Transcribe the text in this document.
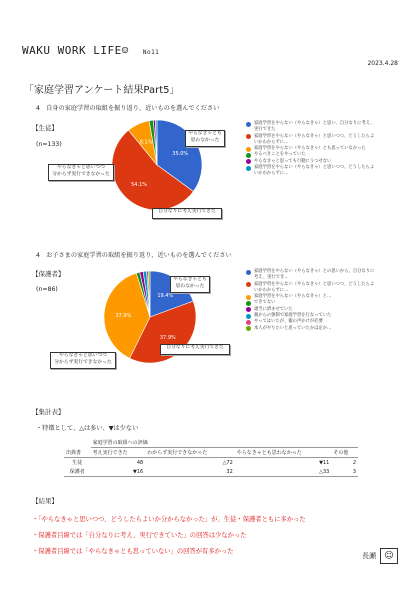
WAKU WORK LIFE☺ No11
2023.4.28
「家庭学習アンケート結果Part5」
4　自身の家庭学習の取組を振り返り、近いものを選んでください
【生徒】
(n=133)
35.0%
54.1%
8.1%
やらなきゃとも
思わなかった
やらなきゃと思いつつ
分からず実行できなかった
自分なりに考え実行できた
家庭学習をやらない（やらなきゃ）と思い、自分なりに考え、実行できた
家庭学習をやらない（やらなきゃ）と思いつつ、どうしたらよいかわからずに…
家庭学習をやらない（やらなきゃ）とも思っていなかった
やるべきことをやっていた
やらなきゃと思っても行動にうつせない
家庭学習をやらない（やらなきゃ）と思いつつ、どうしたらよいかわからずに…
4　お子さまの家庭学習の取組を振り返り、近いものを選んでください
【保護者】
(n=86)
19.4%
37.9%
37.9%
やらなきゃとも
思わなかった
やらなきゃと思いつつ
分からず実行できなかった
自分なりに考え実行できた
家庭学習をやらない（やらなきゃ）との思いから、自分なりに考え、実行でき…
家庭学習をやらない（やらなきゃ）と思いつつ、どうしたらよいかわからずに…
家庭学習をやらない（やらなきゃ）と…
できてない
適当に済ませていた
親からの強制で家庭学習を行なっていた
やってはいたが、親の声かけが必要
本人がやりたいと思っていたかは定か…
【集計表】
・特徴として、△は多い、▼は少ない
	家庭学習の取組への評価			
出典書	考え実行できた	わからず実行できなかった	やらなきゃとも思わなかった	その他
生徒	48	△72	▼11	2
保護者	▼16	32	△33	3
【結果】
・「やらなきゃと思いつつ、どうしたらよいか分からなかった」が、生徒・保護者ともに多かった
・保護者目線では「自分なりに考え、実行できていた」の回答は少なかった
・保護者目線では「やらなきゃとも思っていない」の回答が有多かった
長瀬 ☺
